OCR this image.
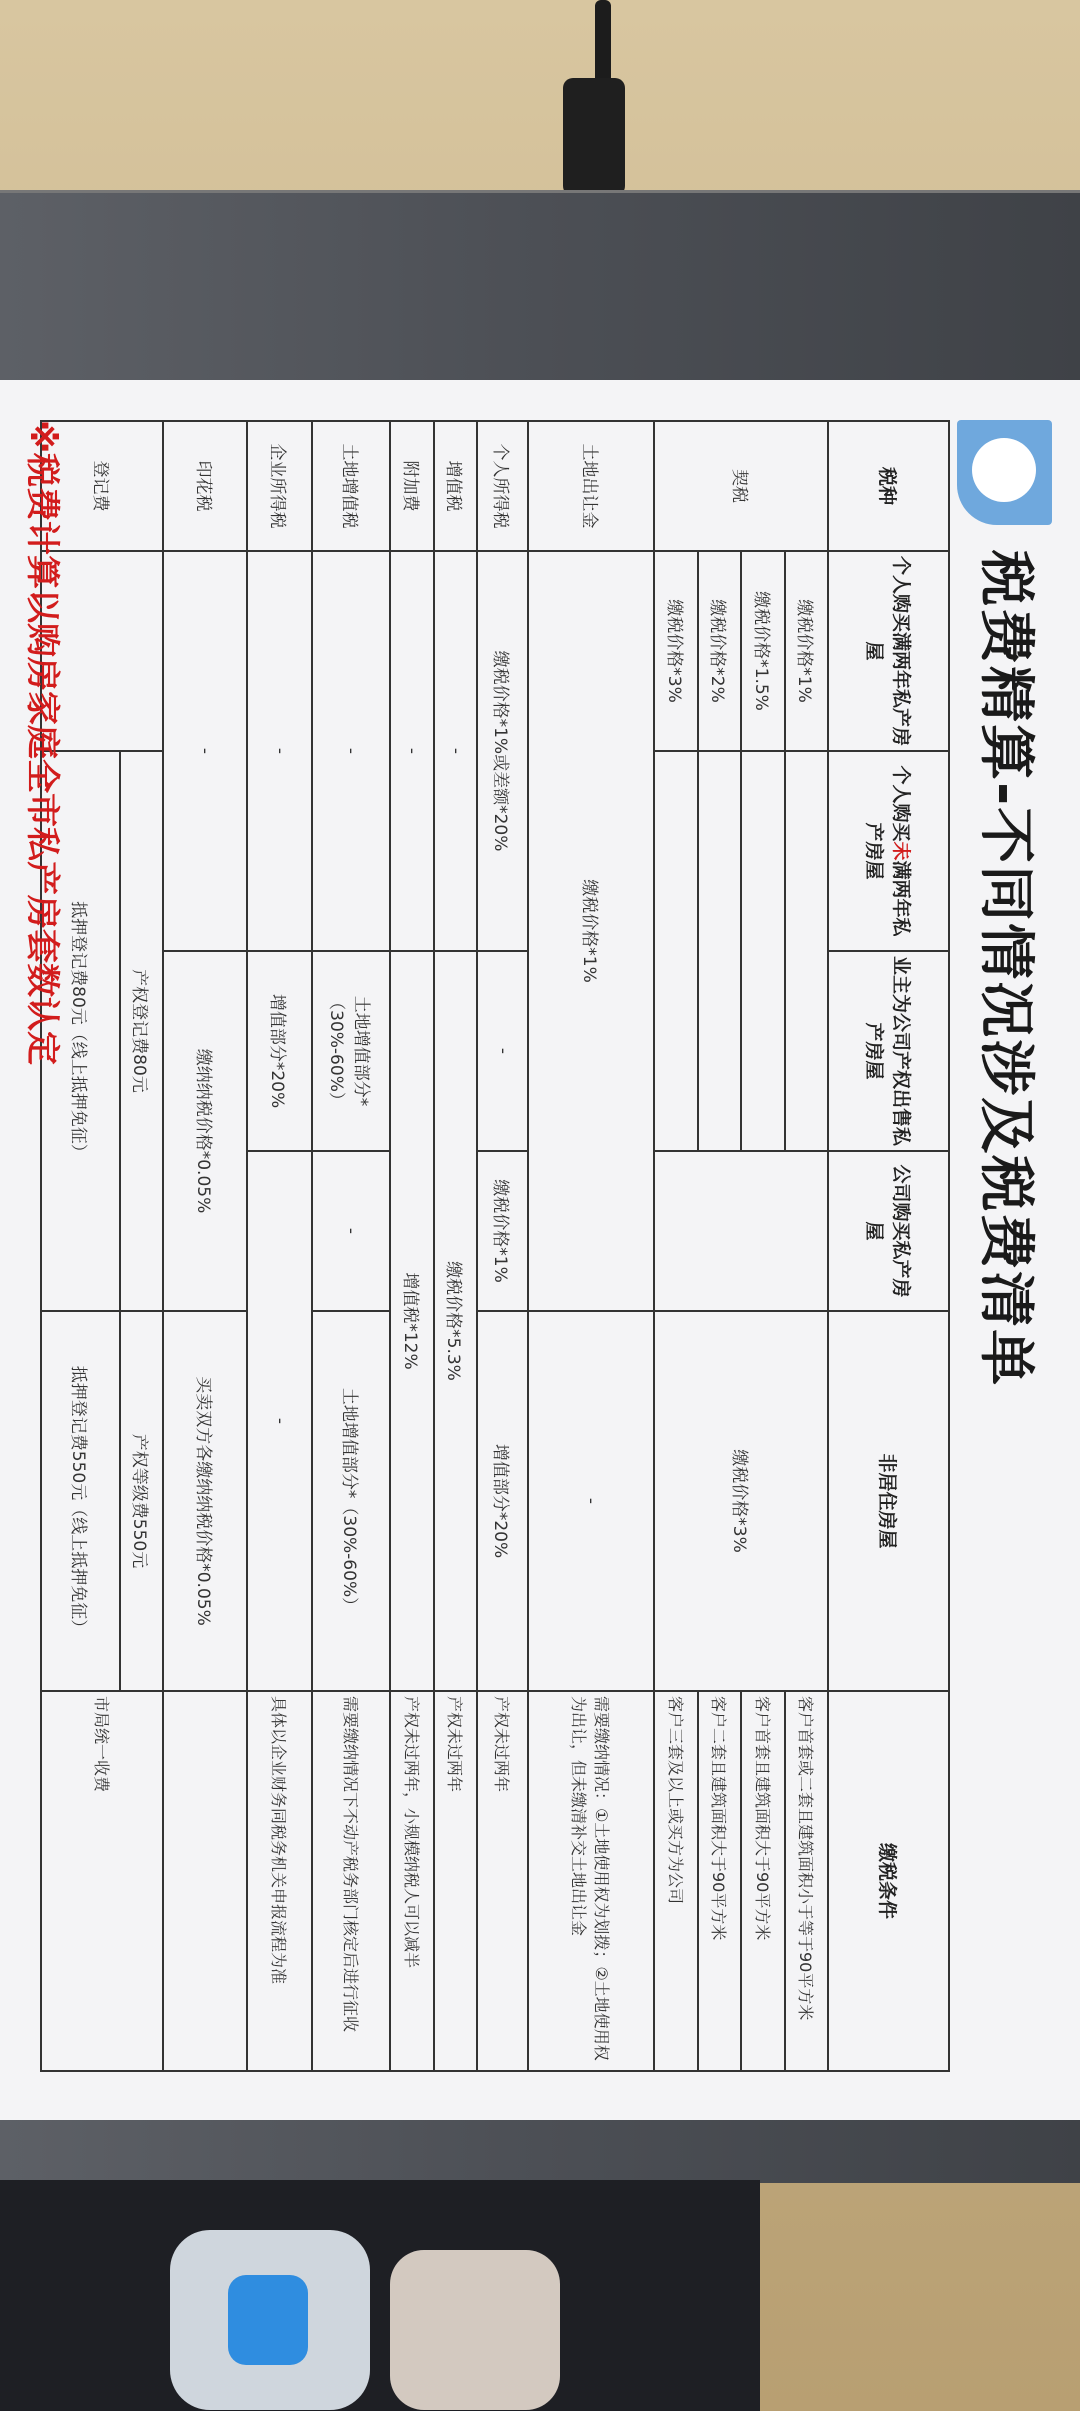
税费精算-不同情况涉及税费清单
税种	个人购买满两年私产房屋	个人购买未满两年私产房屋	业主为公司产权出售私产房屋	公司购买私产房屋	非居住房屋	缴税条件
契税	缴税价格*1%				缴税价格*3%	客户首套或二套且建筑面积小于等于90平方米
	缴税价格*1.5%					客户首套且建筑面积大于90平方米
	缴税价格*2%					客户二套且建筑面积大于90平方米
	缴税价格*3%					客户三套及以上或买方为公司
土地出让金	缴税价格*1%				-	需要缴纳情况：①土地使用权为划拨；②土地使用权为出让，但未缴清补交土地出让金
个人所得税	缴税价格*1%或差额*20%		-	缴税价格*1%	增值部分*20%	产权未过两年
增值税	-		缴税价格*5.3%			产权未过两年
附加费	-		增值税*12%			产权未过两年，小规模纳税人可以减半
土地增值税	-		土地增值部分*（30%-60%）	-	土地增值部分*（30%-60%）	需要缴纳情况下不动产税务部门核定后进行征收
企业所得税	-		增值部分*20%	-		具体以企业财务同税务机关申报流程为准
印花税	-		缴纳纳税价格*0.05%		买卖双方各缴纳纳税价格*0.05%	
登记费		产权登记费80元			产权等级费550元	市局统一收费
		抵押登记费80元（线上抵押免征）			抵押登记费550元（线上抵押免征）	
※税费计算以购房家庭全市私产房套数认定
